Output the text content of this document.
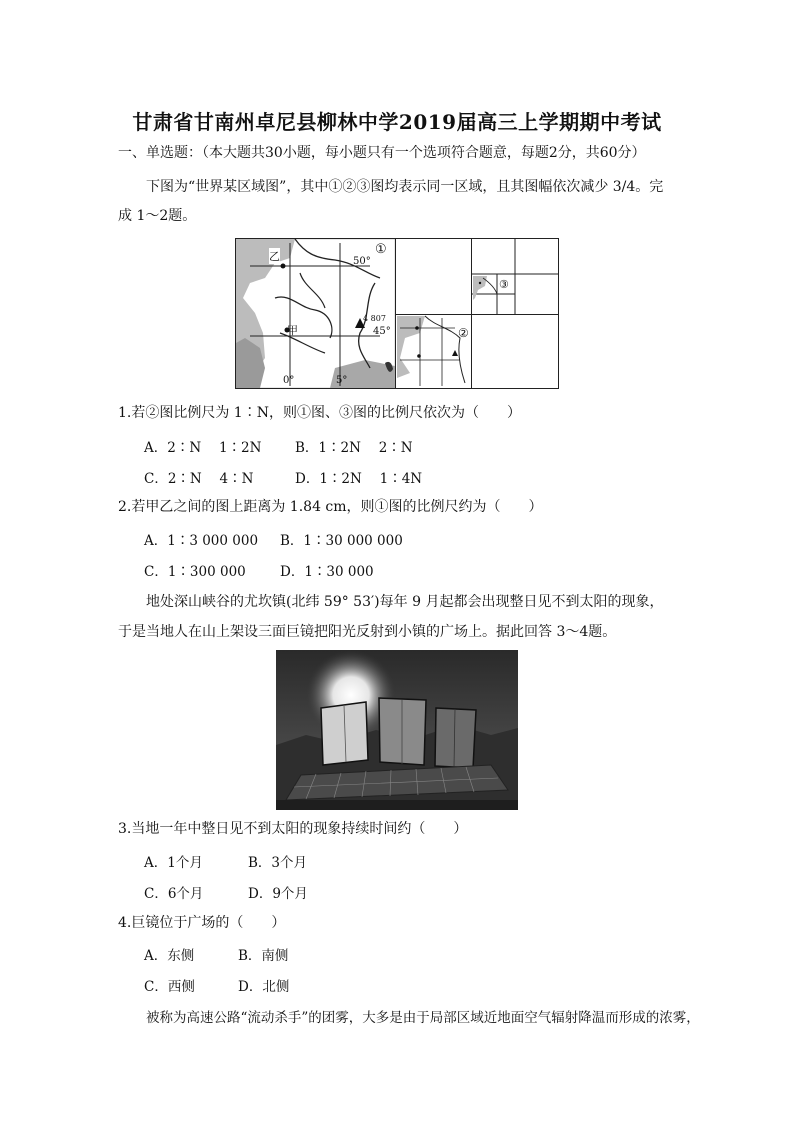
甘肃省甘南州卓尼县柳林中学2019届高三上学期期中考试
一、单选题：（本大题共30小题，每小题只有一个选项符合题意，每题2分，共60分）
下图为“世界某区域图”，其中①②③图均表示同一区域，且其图幅依次减少 3/4。完
成 1～2题。
①
乙
甲
50°
45°
0°	5°
4 807
②
③
1.若②图比例尺为 1∶N，则①图、③图的比例尺依次为（　　）
A．2∶N　 1∶2N B．1∶2N　 2∶N
C．2∶N　 4∶N	D．1∶2N　 1∶4N
2.若甲乙之间的图上距离为 1.84 cm，则①图的比例尺约为（　　）
A．1∶3 000 000 B．1∶30 000 000
C．1∶300 000	D．1∶30 000
地处深山峡谷的尤坎镇(北纬 59° 53′)每年 9 月起都会出现整日见不到太阳的现象，
于是当地人在山上架设三面巨镜把阳光反射到小镇的广场上。据此回答 3～4题。
3.当地一年中整日见不到太阳的现象持续时间约（　　）
A．1个月	B．3个月
C．6个月	D．9个月
4.巨镜位于广场的（　　）
A．东侧	B．南侧
C．西侧	D．北侧
被称为高速公路“流动杀手”的团雾，大多是由于局部区域近地面空气辐射降温而形成的浓雾，
